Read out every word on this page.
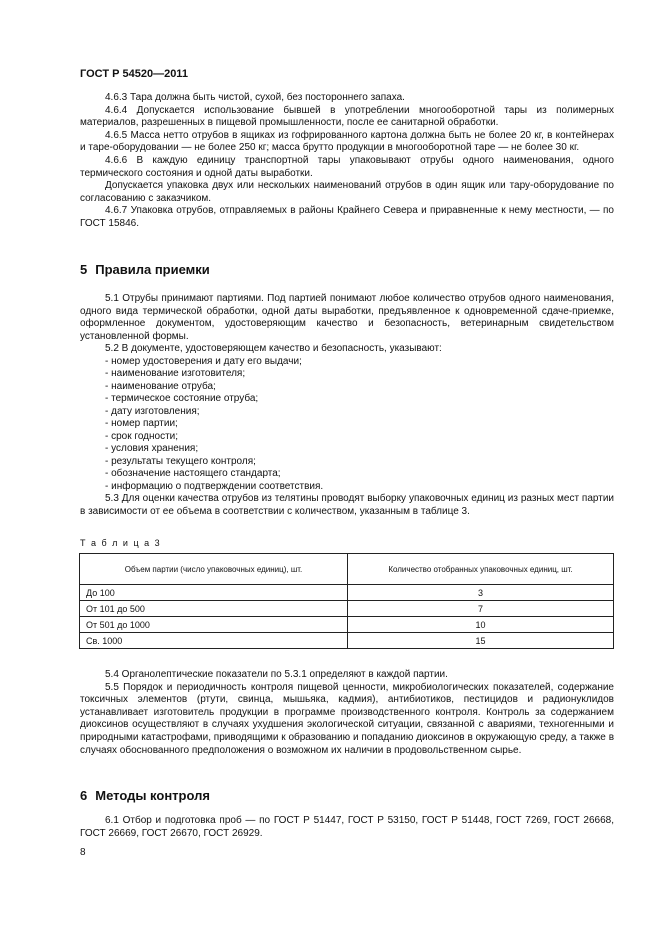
ГОСТ Р 54520—2011

4.6.3 Тара должна быть чистой, сухой, без постороннего запаха.

4.6.4 Допускается использование бывшей в употреблении многооборотной тары из полимерных материалов, разрешенных в пищевой промышленности, после ее санитарной обработки.

4.6.5 Масса нетто отрубов в ящиках из гофрированного картона должна быть не более 20 кг, в контейнерах и таре-оборудовании — не более 250 кг; масса брутто продукции в многооборотной таре — не более 30 кг.

4.6.6 В каждую единицу транспортной тары упаковывают отрубы одного наименования, одного термического состояния и одной даты выработки.

Допускается упаковка двух или нескольких наименований отрубов в один ящик или тару-оборудование по согласованию с заказчиком.

4.6.7 Упаковка отрубов, отправляемых в районы Крайнего Севера и приравненные к нему местности, — по ГОСТ 15846.

5 Правила приемки

5.1 Отрубы принимают партиями. Под партией понимают любое количество отрубов одного наименования, одного вида термической обработки, одной даты выработки, предъявленное к одновременной сдаче-приемке, оформленное документом, удостоверяющим качество и безопасность, ветеринарным свидетельством установленной формы.

5.2 В документе, удостоверяющем качество и безопасность, указывают:

- номер удостоверения и дату его выдачи;
- наименование изготовителя;
- наименование отруба;
- термическое состояние отруба;
- дату изготовления;
- номер партии;
- срок годности;
- условия хранения;
- результаты текущего контроля;
- обозначение настоящего стандарта;
- информацию о подтверждении соответствия.

5.3 Для оценки качества отрубов из телятины проводят выборку упаковочных единиц из разных мест партии в зависимости от ее объема в соответствии с количеством, указанным в таблице 3.

Т а б л и ц а 3
Объем партии (число упаковочных единиц), шт.	Количество отобранных упаковочных единиц, шт.
До 100	3
От 101 до 500	7
От 501 до 1000	10
Св. 1000	15

5.4 Органолептические показатели по 5.3.1 определяют в каждой партии.

5.5 Порядок и периодичность контроля пищевой ценности, микробиологических показателей, содержание токсичных элементов (ртути, свинца, мышьяка, кадмия), антибиотиков, пестицидов и радионуклидов устанавливает изготовитель продукции в программе производственного контроля. Контроль за содержанием диоксинов осуществляют в случаях ухудшения экологической ситуации, связанной с авариями, техногенными и природными катастрофами, приводящими к образованию и попаданию диоксинов в окружающую среду, а также в случаях обоснованного предположения о возможном их наличии в продовольственном сырье.

6 Методы контроля

6.1 Отбор и подготовка проб — по ГОСТ Р 51447, ГОСТ Р 53150, ГОСТ Р 51448, ГОСТ 7269, ГОСТ 26668, ГОСТ 26669, ГОСТ 26670, ГОСТ 26929.

8
